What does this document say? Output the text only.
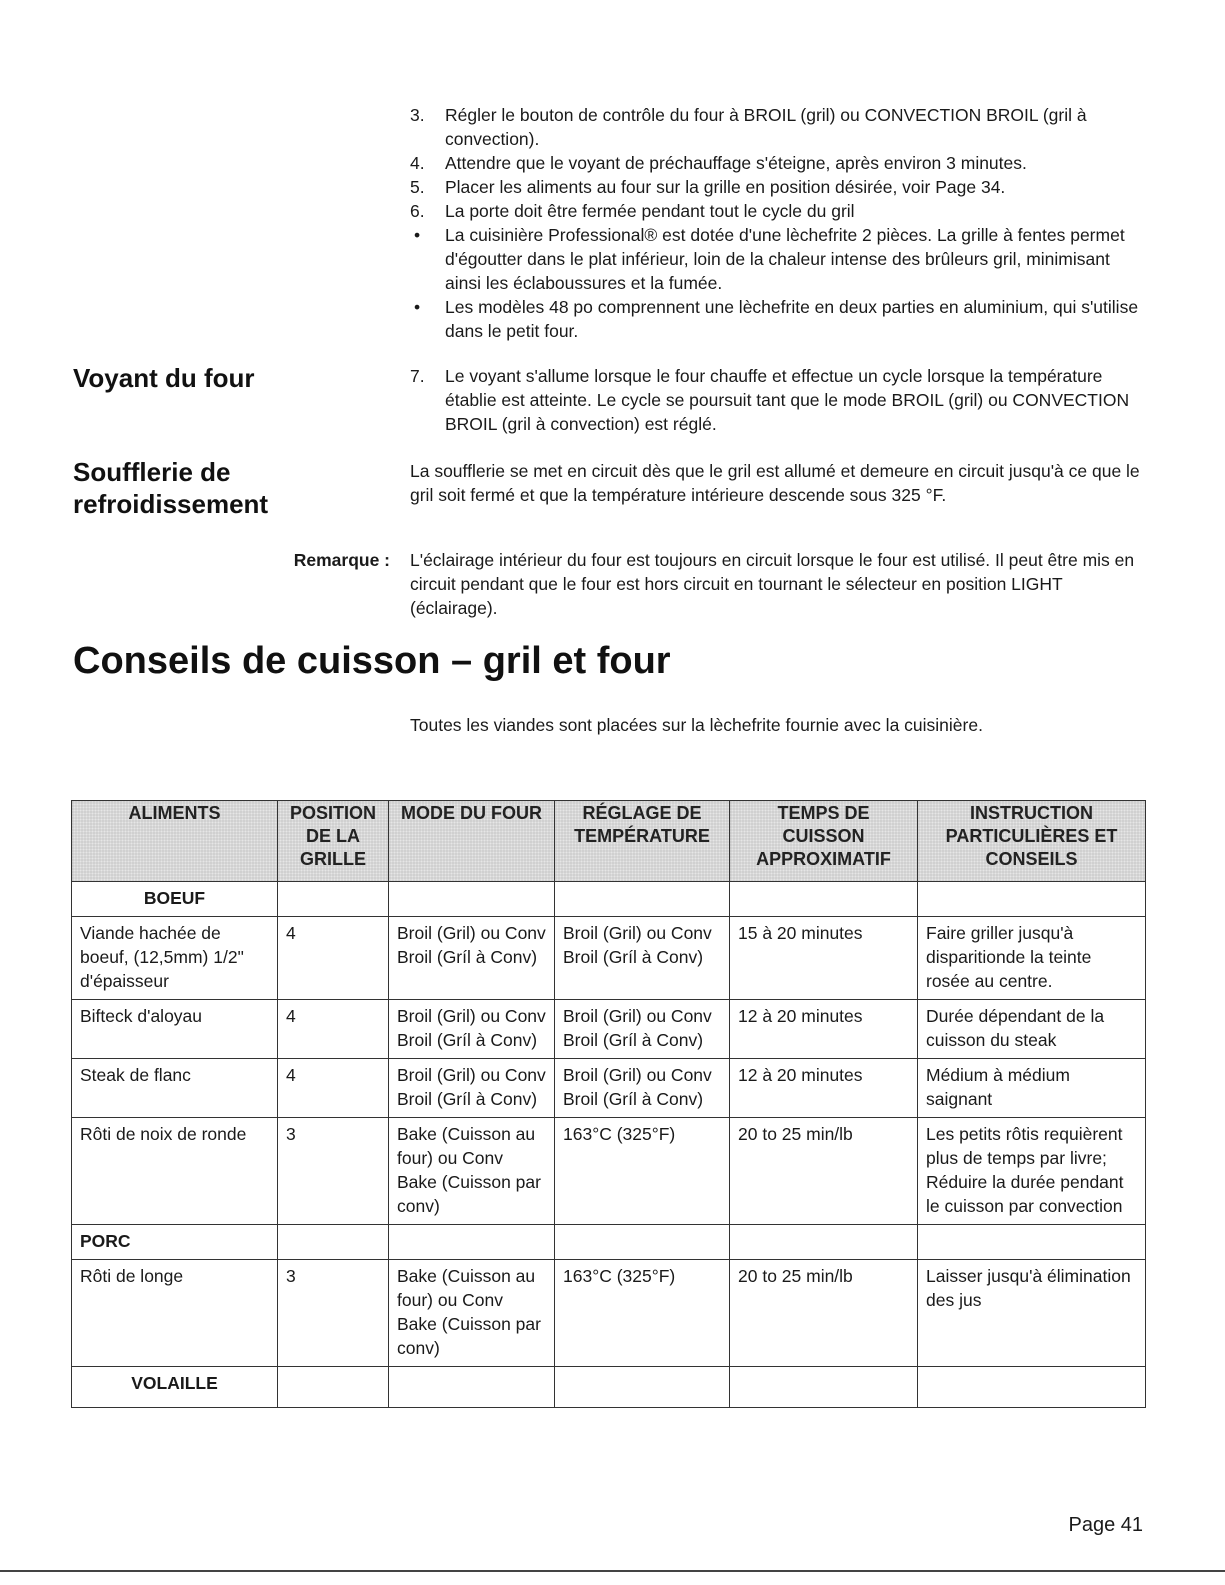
3.	Régler le bouton de contrôle du four à BROIL (gril) ou CONVECTION BROIL (gril à convection).
4.	Attendre que le voyant de préchauffage s'éteigne, après environ 3 minutes.
5.	Placer les aliments au four sur la grille en position désirée, voir Page 34.
6.	La porte doit être fermée pendant tout le cycle du gril
• La cuisinière Professional® est dotée d'une lèchefrite 2 pièces. La grille à fentes permet d'égoutter dans le plat inférieur, loin de la chaleur intense des brûleurs gril, minimisant ainsi les éclaboussures et la fumée.
• Les modèles 48 po comprennent une lèchefrite en deux parties en aluminium, qui s'utilise dans le petit four.
Voyant du four	7.	Le voyant s'allume lorsque le four chauffe et effectue un cycle lorsque la température établie est atteinte. Le cycle se poursuit tant que le mode BROIL (gril) ou CONVECTION BROIL (gril à convection) est réglé.
Soufflerie de
refroidissement
La soufflerie se met en circuit dès que le gril est allumé et demeure en circuit jusqu'à ce que le gril soit fermé et que la température intérieure descende sous 325 °F.
Remarque : L'éclairage intérieur du four est toujours en circuit lorsque le four est utilisé. Il peut être mis en circuit pendant que le four est hors circuit en tournant le sélecteur en position LIGHT (éclairage).
Conseils de cuisson – gril et four
Toutes les viandes sont placées sur la lèchefrite fournie avec la cuisinière.
ALIMENTS	POSITION DE LA GRILLE	MODE DU FOUR	RÉGLAGE DE TEMPÉRATURE	TEMPS DE CUISSON APPROXIMATIF	INSTRUCTION PARTICULIÈRES ET CONSEILS

BOEUF					

Viande hachée de boeuf, (12,5mm) 1/2" d'épaisseur	4	Broil (Gril) ou Conv Broil (Gríl à Conv)	Broil (Gril) ou Conv Broil (Gríl à Conv)	15 à 20 minutes	Faire griller jusqu'à disparitionde la teinte rosée au centre.
Bifteck d'aloyau	4	Broil (Gril) ou Conv Broil (Gríl à Conv)	Broil (Gril) ou Conv Broil (Gríl à Conv)	12 à 20 minutes	Durée dépendant de la cuisson du steak
Steak de flanc	4	Broil (Gril) ou Conv Broil (Gríl à Conv)	Broil (Gril) ou Conv Broil (Gríl à Conv)	12 à 20 minutes	Médium à médium saignant
Rôti de noix de ronde	3	Bake (Cuisson au four) ou Conv Bake (Cuisson par conv)	163°C (325°F)	20 to 25 min/lb	Les petits rôtis requièrent plus de temps par livre; Réduire la durée pendant le cuisson par convection

PORC					

Rôti de longe	3	Bake (Cuisson au four) ou Conv Bake (Cuisson par conv)	163°C (325°F)	20 to 25 min/lb	Laisser jusqu'à élimination des jus

VOLAILLE					

Page 41
